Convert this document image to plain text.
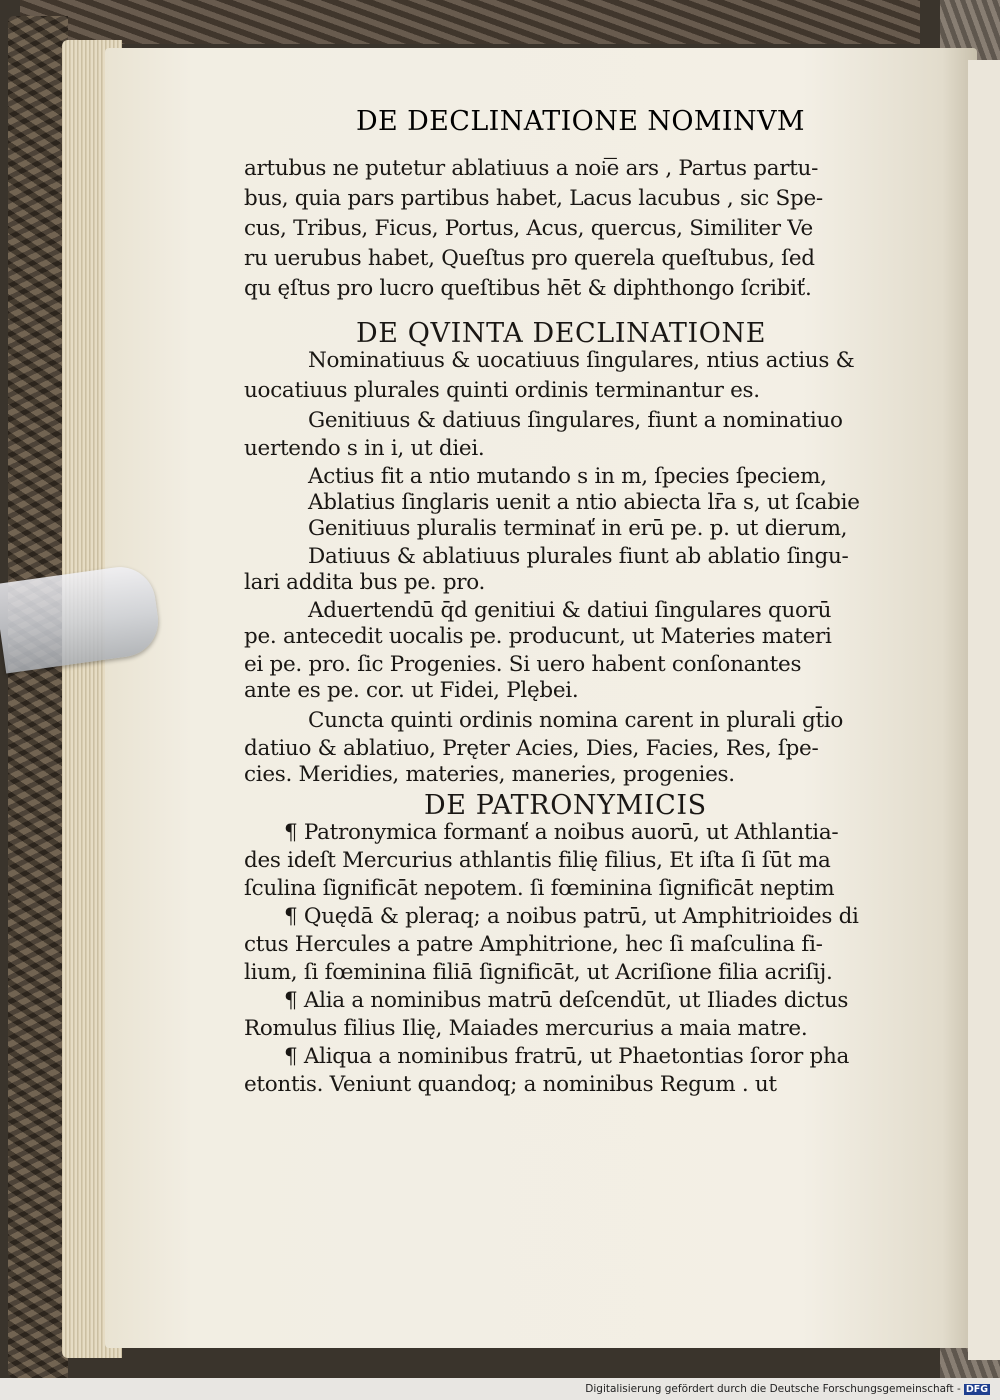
DE DECLINATIONE NOMINVM
artubus ne putetur ablatiuus a noi͞e ars , Partus partu-
bus, quia pars partibus habet, Lacus lacubus , sic Spe-
cus, Tribus, Ficus, Portus, Acus, quercus, Similiter Ve
ru uerubus habet, Queſtus pro querela queſtubus, ſed
qu ęſtus pro lucro queſtibus hēt & diphthongo ſcribiť.
DE QVINTA DECLINATIONE
Nominatiuus & uocatiuus ſingulares, ntius actius &
uocatiuus plurales quinti ordinis terminantur es.
Genitiuus & datiuus ſingulares, fiunt a nominatiuo
uertendo s in i, ut diei.
Actius fit a ntio mutando s in m, ſpecies ſpeciem,
Ablatius ſinglaris uenit a ntio abiecta lr̄a s, ut ſcabie
Genitiuus pluralis terminať in erū pe. p. ut dierum,
Datiuus & ablatiuus plurales fiunt ab ablatio ſingu-
lari addita bus pe. pro.
Aduertendū q̄d genitiui & datiui ſingulares quorū
pe. antecedit uocalis pe. producunt, ut Materies materi
ei pe. pro. ſic Progenies. Si uero habent conſonantes
ante es pe. cor. ut Fidei, Plębei.
Cuncta quinti ordinis nomina carent in plurali gt̄io
datiuo & ablatiuo, Pręter Acies, Dies, Facies, Res, ſpe-
cies. Meridies, materies, maneries, progenies.
DE PATRONYMICIS
¶ Patronymica formanť a noibus auorū, ut Athlantia-
des ideſt Mercurius athlantis filię filius, Et iſta ſi ſūt ma
ſculina ſignificāt nepotem. ſi fœminina ſignificāt neptim
¶ Quędā & pleraq; a noibus patrū, ut Amphitrioides di
ctus Hercules a patre Amphitrione, hec ſi maſculina fi-
lium, ſi fœminina filiā ſignificāt, ut Acriſione filia acriſij.
¶ Alia a nominibus matrū deſcendūt, ut Iliades dictus
Romulus filius Ilię, Maiades mercurius a maia matre.
¶ Aliqua a nominibus fratrū, ut Phaetontias ſoror pha
etontis. Veniunt quandoq; a nominibus Regum . ut
Digitalisierung gefördert durch die Deutsche Forschungsgemeinschaft - DFG
